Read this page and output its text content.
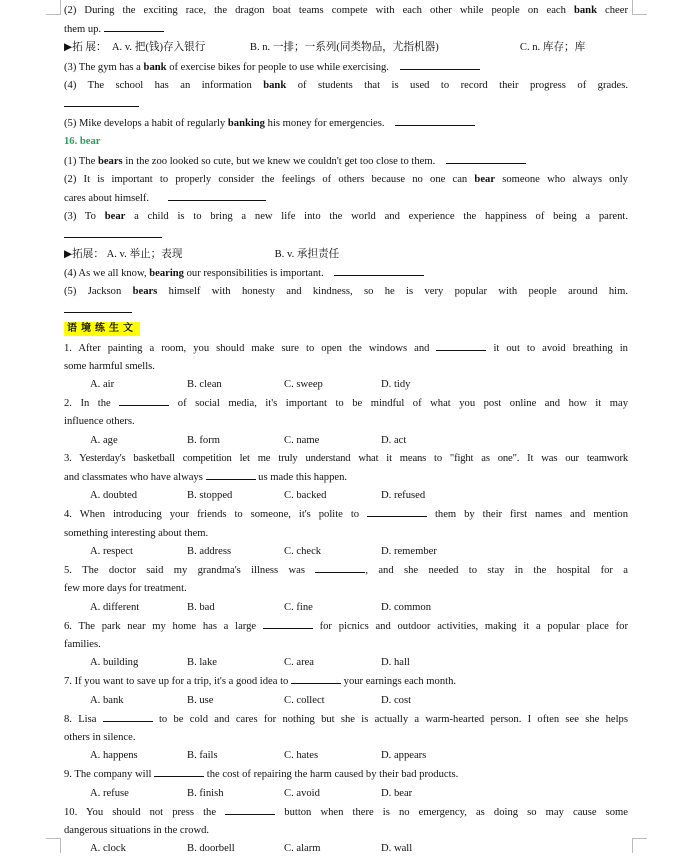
(2) During the exciting race, the dragon boat teams compete with each other while people on each bank cheer

them up.

▶拓 展： A. v. 把(钱)存入银行	B. n. 一排；一系列(同类物品，尤指机器)	C. n. 库存；库

(3) The gym has a bank of exercise bikes for people to use while exercising.

(4) The school has an information bank of students that is used to record their progress of grades.

(5) Mike develops a habit of regularly banking his money for emergencies.

16. bear

(1) The bears in the zoo looked so cute, but we knew we couldn't get too close to them.

(2) It is important to properly consider the feelings of others because no one can bear someone who always only

cares about himself.

(3) To bear a child is to bring a new life into the world and experience the happiness of being a parent.

▶拓展： A. v. 举止；表现	B. v. 承担责任

(4) As we all know, bearing our responsibilities is important.

(5) Jackson bears himself with honesty and kindness, so he is very popular with people around him.

语境练生文

1. After painting a room, you should make sure to open the windows and	it out to avoid breathing in

some harmful smells.

A. air	B. clean	C. sweep	D. tidy

2. In the	of social media, it's important to be mindful of what you post online and how it may

influence others.

A. age	B. form	C. name	D. act

3. Yesterday's basketball competition let me truly understand what it means to "fight as one". It was our teamwork

and classmates who have always	us made this happen.

A. doubted	B. stopped	C. backed	D. refused

4. When introducing your friends to someone, it's polite to	them by their first names and mention

something interesting about them.

A. respect	B. address	C. check	D. remember

5. The doctor said my grandma's illness was	, and she needed to stay in the hospital for a

few more days for treatment.

A. different	B. bad	C. fine	D. common

6. The park near my home has a large	for picnics and outdoor activities, making it a popular place for

families.

A. building	B. lake	C. area	D. hall

7. If you want to save up for a trip, it's a good idea to	your earnings each month.

A. bank	B. use	C. collect	D. cost

8. Lisa	to be cold and cares for nothing but she is actually a warm-hearted person. I often see she helps

others in silence.

A. happens	B. fails	C. hates	D. appears

9. The company will	the cost of repairing the harm caused by their bad products.

A. refuse	B. finish	C. avoid	D. bear

10. You should not press the	button when there is no emergency, as doing so may cause some

dangerous situations in the crowd.

A. clock	B. doorbell	C. alarm	D. wall
